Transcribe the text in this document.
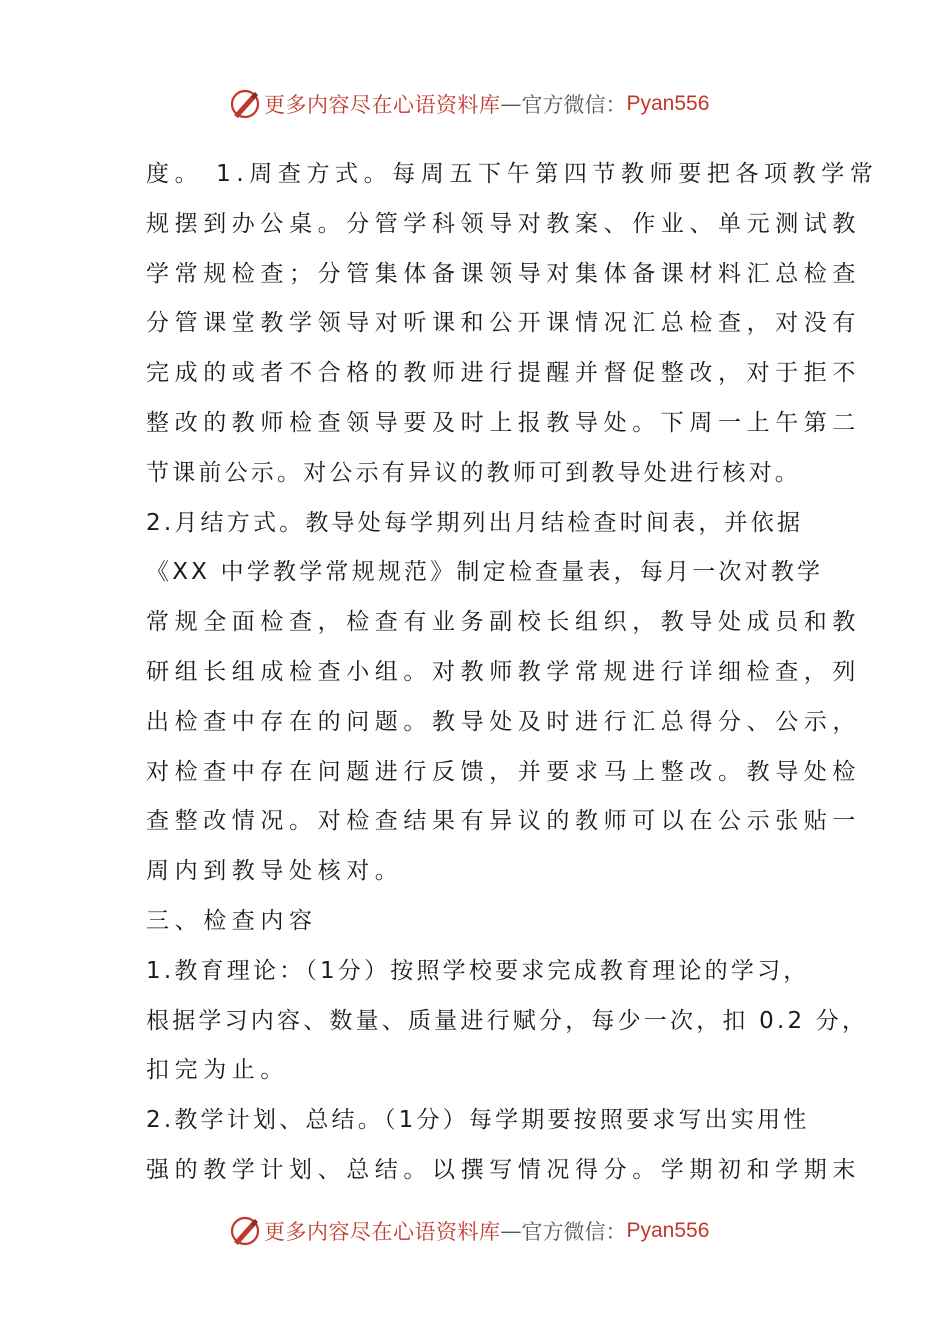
更多内容尽在心语资料库 — 官方微信： Pyan556
度。 1.周查方式。每周五下午第四节教师要把各项教学常
规摆到办公桌。分管学科领导对教案、作业、单元测试教
学常规检查；分管集体备课领导对集体备课材料汇总检查
分管课堂教学领导对听课和公开课情况汇总检查，对没有
完成的或者不合格的教师进行提醒并督促整改，对于拒不
整改的教师检查领导要及时上报教导处。下周一上午第二
节课前公示。对公示有异议的教师可到教导处进行核对。
2.月结方式。教导处每学期列出月结检查时间表，并依据
《XX 中学教学常规规范》制定检查量表，每月一次对教学
常规全面检查，检查有业务副校长组织，教导处成员和教
研组长组成检查小组。对教师教学常规进行详细检查，列
出检查中存在的问题。教导处及时进行汇总得分、公示，
对检查中存在问题进行反馈，并要求马上整改。教导处检
查整改情况。对检查结果有异议的教师可以在公示张贴一
周内到教导处核对。
三、检查内容
1.教育理论：（1分）按照学校要求完成教育理论的学习，
根据学习内容、数量、质量进行赋分，每少一次，扣 0.2 分，
扣完为止。
2.教学计划、总结。（1分）每学期要按照要求写出实用性
强的教学计划、总结。以撰写情况得分。学期初和学期末
更多内容尽在心语资料库 — 官方微信： Pyan556
